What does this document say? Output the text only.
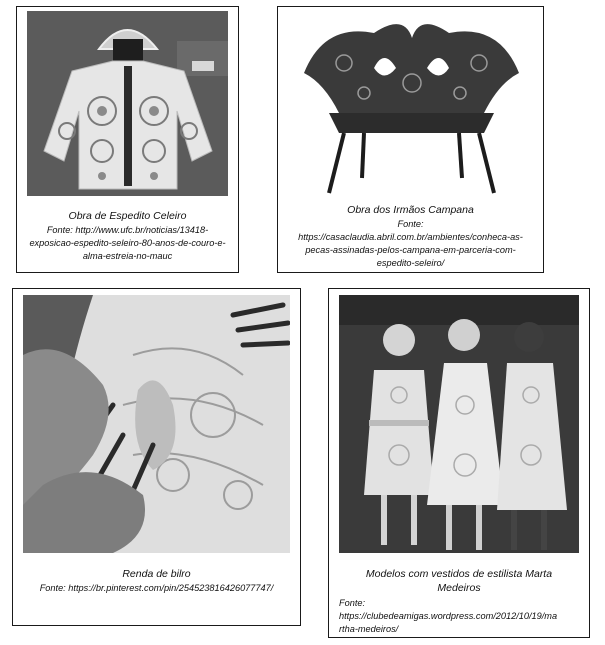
Obra de Espedito Celeiro
Fonte: http://www.ufc.br/noticias/13418-
exposicao-espedito-seleiro-80-anos-de-couro-e-
alma-estreia-no-mauc
Obra dos Irmãos Campana
Fonte:
https://casaclaudia.abril.com.br/ambientes/conheca-as-
pecas-assinadas-pelos-campana-em-parceria-com-
espedito-seleiro/
Renda de bilro
Fonte: https://br.pinterest.com/pin/254523816426077747/
Modelos com vestidos de estilista Marta
Medeiros
Fonte:
https://clubedeamigas.wordpress.com/2012/10/19/ma
rtha-medeiros/
